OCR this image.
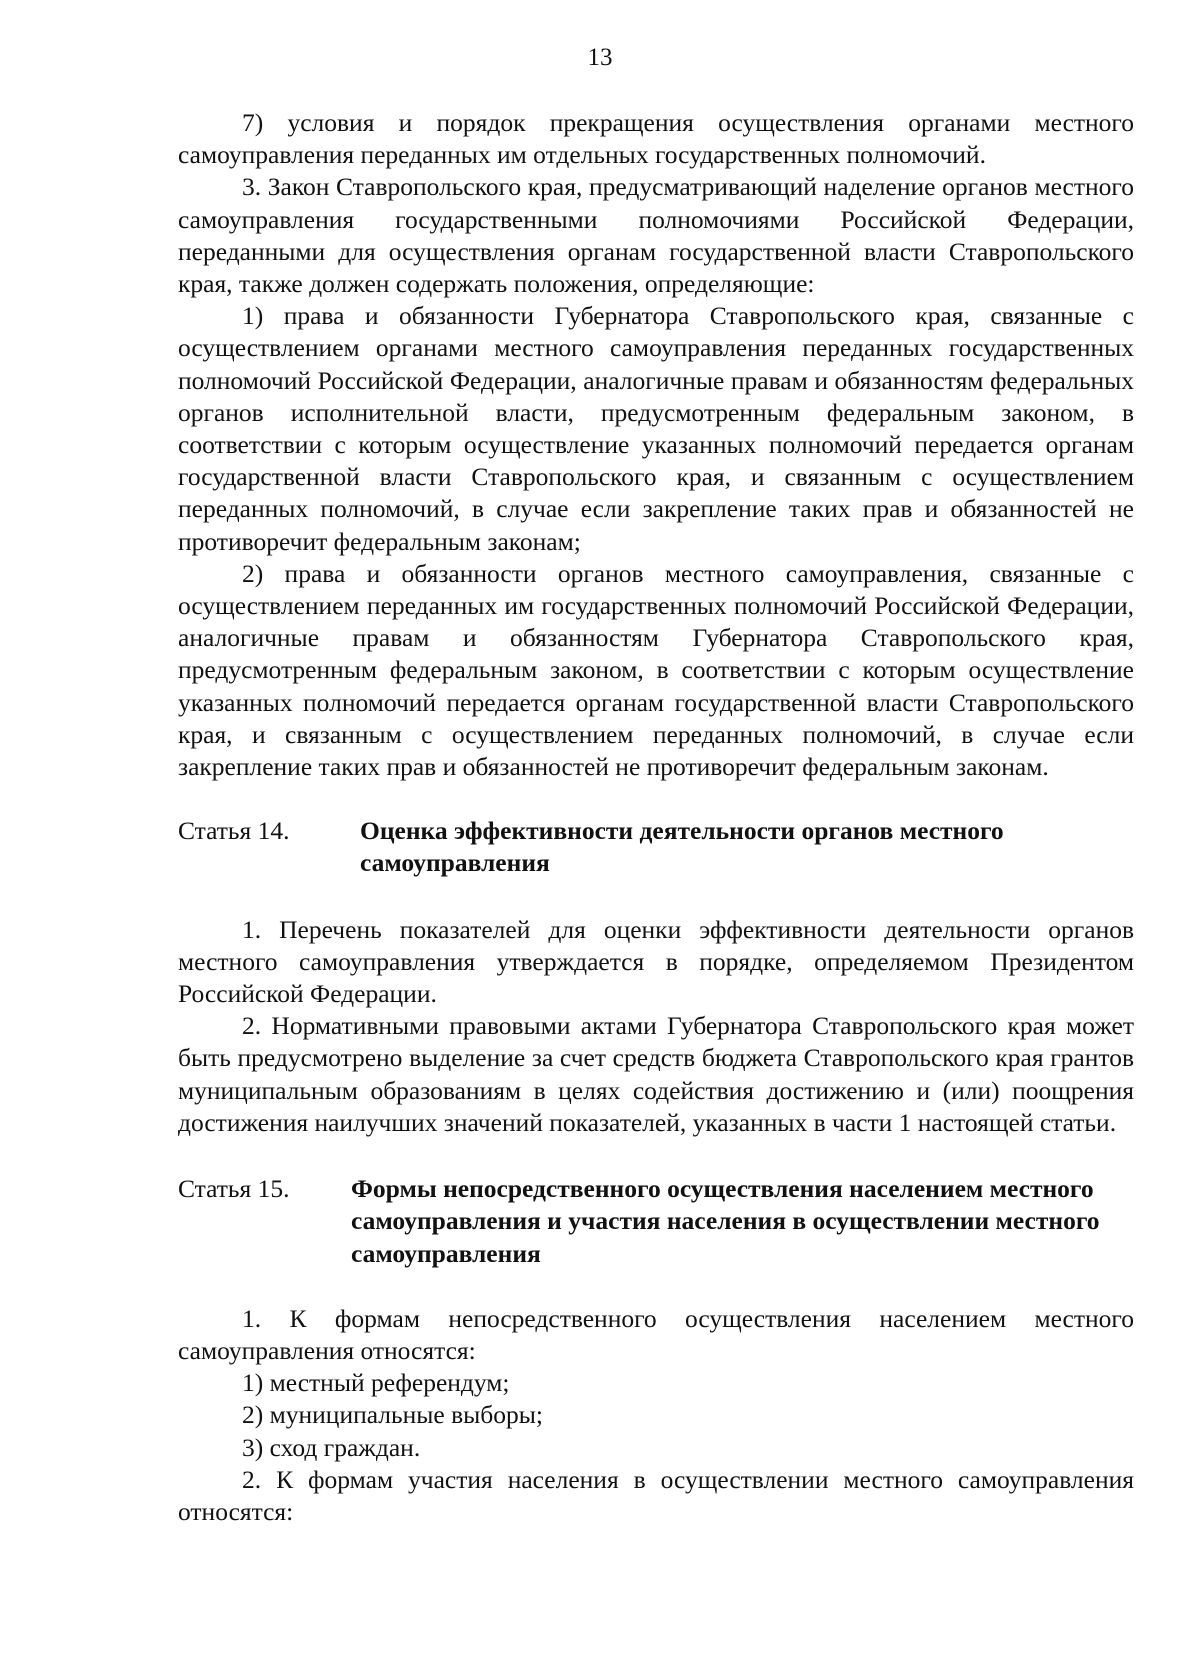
13

7) условия и порядок прекращения осуществления органами местного самоуправления переданных им отдельных государственных полномочий.

3. Закон Ставропольского края, предусматривающий наделение органов местного самоуправления государственными полномочиями Российской Федерации, переданными для осуществления органам государственной власти Ставропольского края, также должен содержать положения, определяющие:

1) права и обязанности Губернатора Ставропольского края, связанные с осуществлением органами местного самоуправления переданных государственных полномочий Российской Федерации, аналогичные правам и обязанностям федеральных органов исполнительной власти, предусмотренным федеральным законом, в соответствии с которым осуществление указанных полномочий передается органам государственной власти Ставропольского края, и связанным с осуществлением переданных полномочий, в случае если закрепление таких прав и обязанностей не противоречит федеральным законам;

2) права и обязанности органов местного самоуправления, связанные с осуществлением переданных им государственных полномочий Российской Федерации, аналогичные правам и обязанностям Губернатора Ставропольского края, предусмотренным федеральным законом, в соответствии с которым осуществление указанных полномочий передается органам государственной власти Ставропольского края, и связанным с осуществлением переданных полномочий, в случае если закрепление таких прав и обязанностей не противоречит федеральным законам.

Статья 14.	Оценка эффективности деятельности органов местного самоуправления

1. Перечень показателей для оценки эффективности деятельности органов местного самоуправления утверждается в порядке, определяемом Президентом Российской Федерации.

2. Нормативными правовыми актами Губернатора Ставропольского края может быть предусмотрено выделение за счет средств бюджета Ставропольского края грантов муниципальным образованиям в целях содействия достижению и (или) поощрения достижения наилучших значений показателей, указанных в части 1 настоящей статьи.

Статья 15. Формы непосредственного осуществления населением местного самоуправления и участия населения в осуществлении местного самоуправления

1. К формам непосредственного осуществления населением местного самоуправления относятся:

1) местный референдум;

2) муниципальные выборы;

3) сход граждан.

2. К формам участия населения в осуществлении местного самоуправления относятся:
